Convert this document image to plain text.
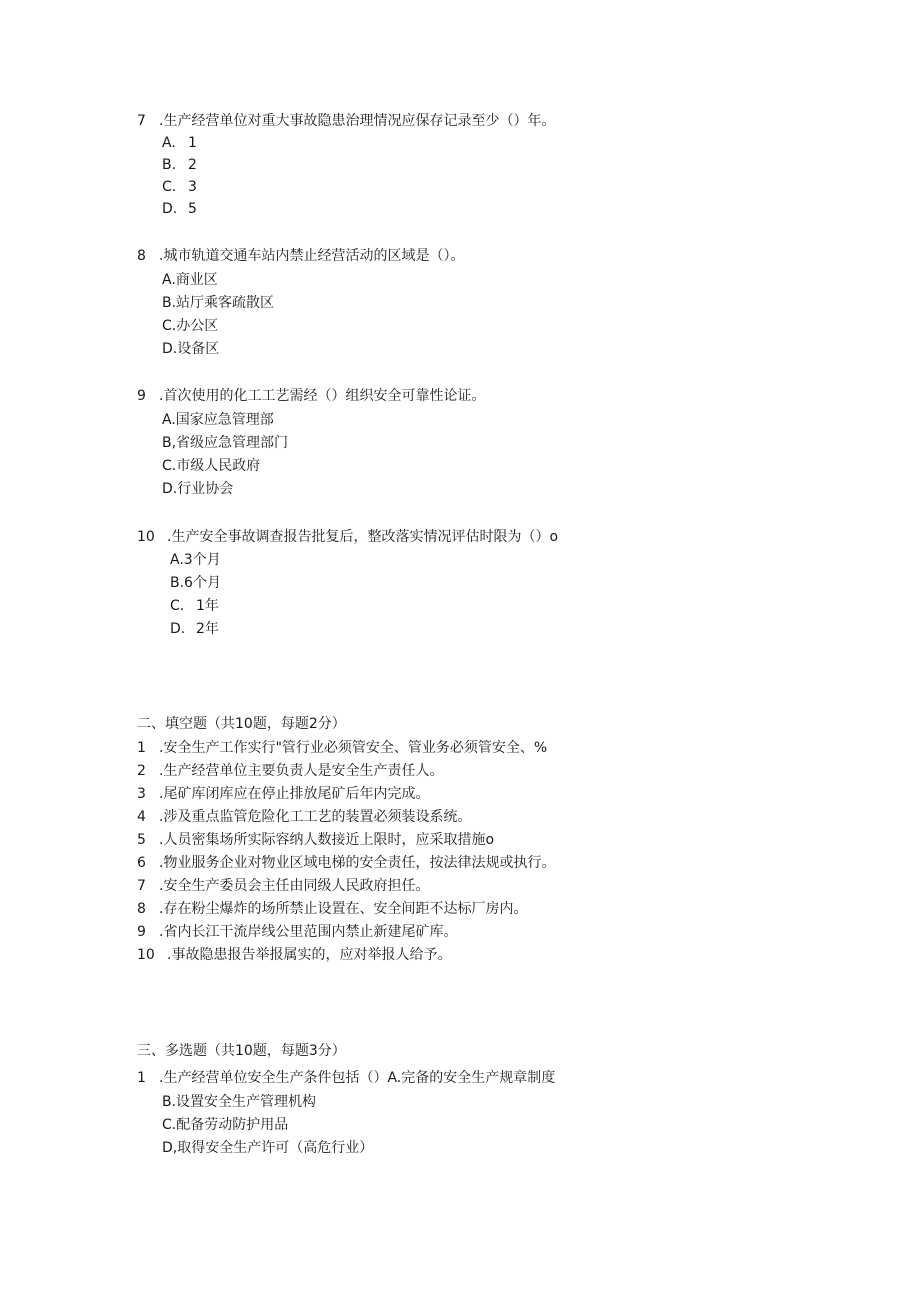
7 .生产经营单位对重大事故隐患治理情况应保存记录至少（）年。
A. 1
B. 2
C. 3
D. 5
8 .城市轨道交通车站内禁止经营活动的区域是（）。
A.商业区
B.站厅乘客疏散区
C.办公区
D.设备区
9 .首次使用的化工工艺需经（）组织安全可靠性论证。
A.国家应急管理部
B,省级应急管理部门
C.市级人民政府
D.行业协会
10 .生产安全事故调查报告批复后，整改落实情况评估时限为（）o
A.3个月
B.6个月
C. 1年
D. 2年
二、填空题（共10题，每题2分）
1 .安全生产工作实行"管行业必须管安全、管业务必须管安全、%
2 .生产经营单位主要负责人是安全生产责任人。
3 .尾矿库闭库应在停止排放尾矿后年内完成。
4 .涉及重点监管危险化工工艺的装置必须装设系统。
5 .人员密集场所实际容纳人数接近上限时，应采取措施o
6 .物业服务企业对物业区域电梯的安全责任，按法律法规或执行。
7 .安全生产委员会主任由同级人民政府担任。
8 .存在粉尘爆炸的场所禁止设置在、安全间距不达标厂房内。
9 .省内长江干流岸线公里范围内禁止新建尾矿库。
10 .事故隐患报告举报属实的，应对举报人给予。
三、多选题（共10题，每题3分）
1 .生产经营单位安全生产条件包括（）A.完备的安全生产规章制度
B.设置安全生产管理机构
C.配备劳动防护用品
D,取得安全生产许可（高危行业）
